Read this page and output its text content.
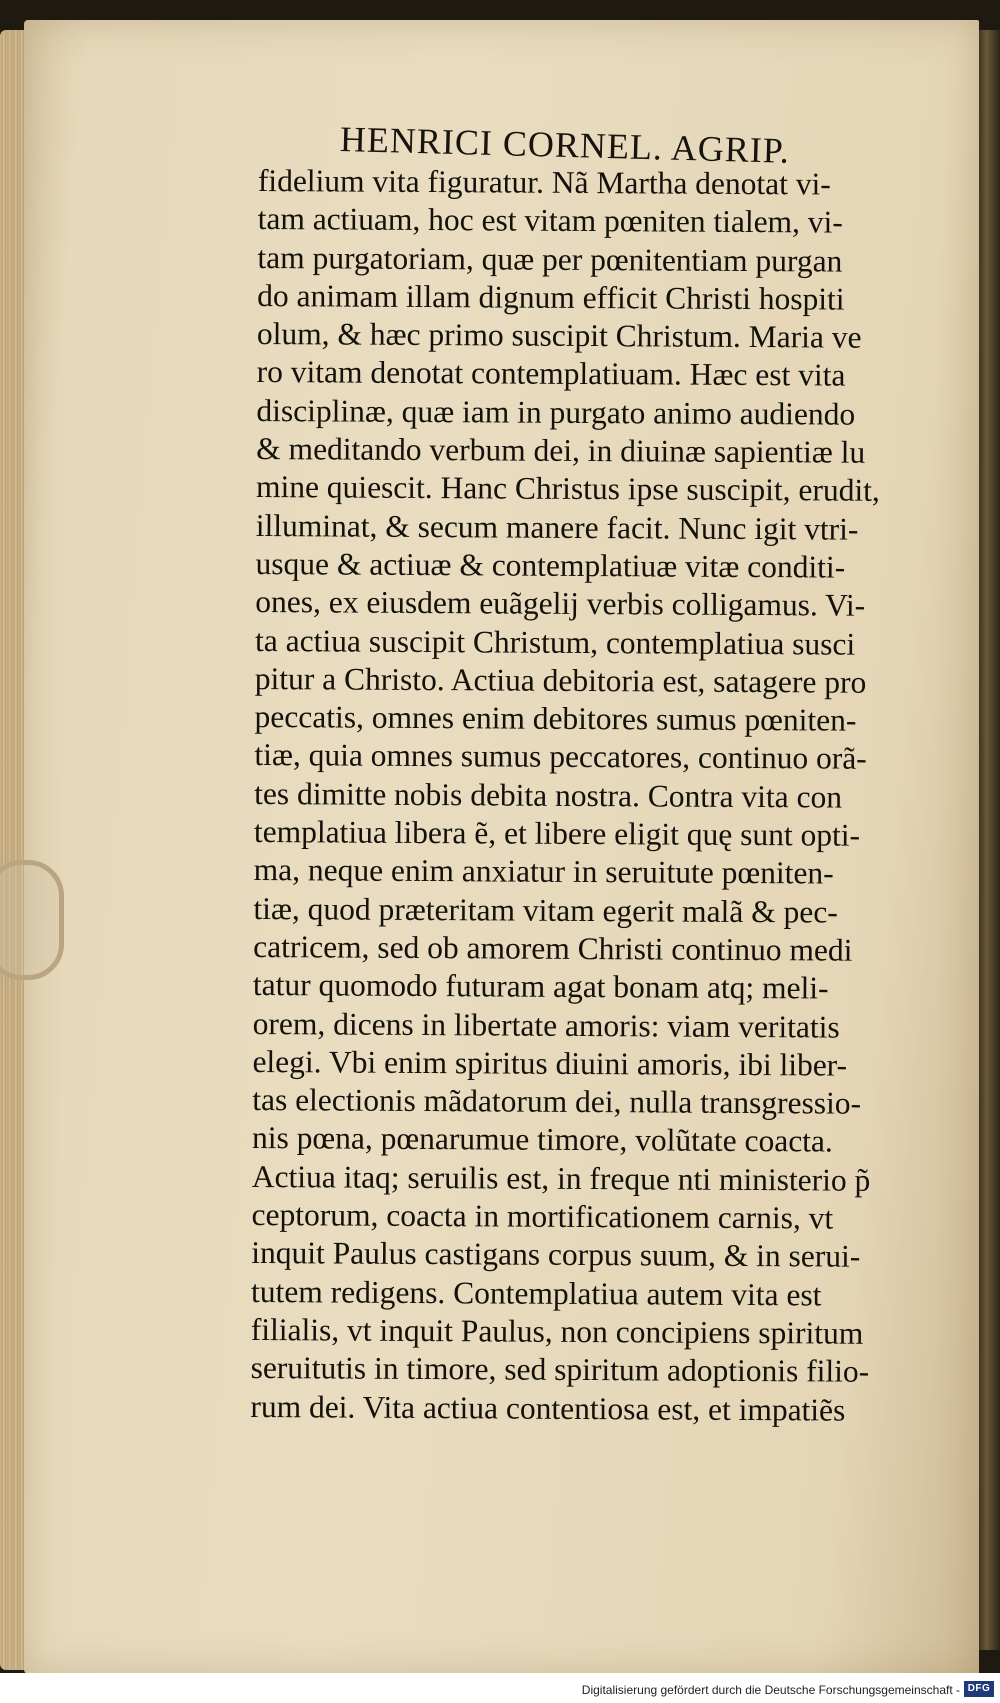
HENRICI CORNEL. AGRIP.
fidelium vita figuratur. Nã Martha denotat vi-
tam actiuam, hoc est vitam pœniten tialem, vi-
tam purgatoriam, quæ per pœnitentiam purgan
do animam illam dignum efficit Christi hospiti
olum, & hæc primo suscipit Christum. Maria ve
ro vitam denotat contemplatiuam. Hæc est vita
disciplinæ, quæ iam in purgato animo audiendo
& meditando verbum dei, in diuinæ sapientiæ lu
mine quiescit. Hanc Christus ipse suscipit, erudit,
illuminat, & secum manere facit. Nunc igit vtri-
usque & actiuæ & contemplatiuæ vitæ conditi-
ones, ex eiusdem euãgelij verbis colligamus. Vi-
ta actiua suscipit Christum, contemplatiua susci
pitur a Christo. Actiua debitoria est, satagere pro
peccatis, omnes enim debitores sumus pœniten-
tiæ, quia omnes sumus peccatores, continuo orã-
tes dimitte nobis debita nostra. Contra vita con
templatiua libera ẽ, et libere eligit quę sunt opti-
ma, neque enim anxiatur in seruitute pœniten-
tiæ, quod præteritam vitam egerit malã & pec-
catricem, sed ob amorem Christi continuo medi
tatur quomodo futuram agat bonam atq; meli-
orem, dicens in libertate amoris: viam veritatis
elegi. Vbi enim spiritus diuini amoris, ibi liber-
tas electionis mãdatorum dei, nulla transgressio-
nis pœna, pœnarumue timore, volũtate coacta.
Actiua itaq; seruilis est, in freque nti ministerio p̃
ceptorum, coacta in mortificationem carnis, vt
inquit Paulus castigans corpus suum, & in serui-
tutem redigens. Contemplatiua autem vita est
filialis, vt inquit Paulus, non concipiens spiritum
seruitutis in timore, sed spiritum adoptionis filio-
rum dei. Vita actiua contentiosa est, et impatiẽs
Digitalisierung gefördert durch die Deutsche Forschungsgemeinschaft - DFG
